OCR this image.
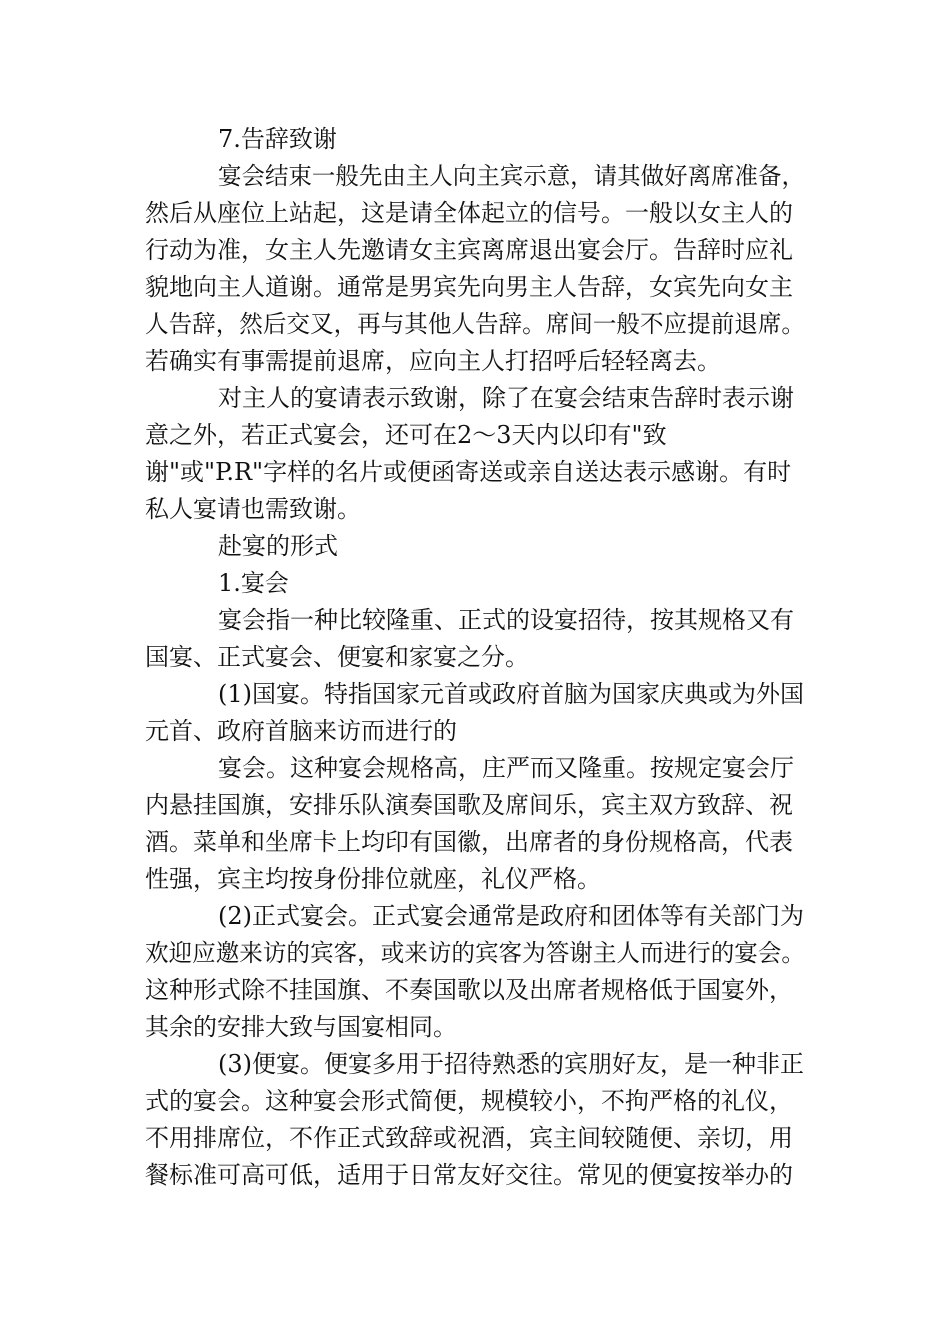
7.告辞致谢
宴会结束一般先由主人向主宾示意，请其做好离席准备，
然后从座位上站起，这是请全体起立的信号。一般以女主人的
行动为准，女主人先邀请女主宾离席退出宴会厅。告辞时应礼
貌地向主人道谢。通常是男宾先向男主人告辞，女宾先向女主
人告辞，然后交叉，再与其他人告辞。席间一般不应提前退席。
若确实有事需提前退席，应向主人打招呼后轻轻离去。
对主人的宴请表示致谢，除了在宴会结束告辞时表示谢
意之外，若正式宴会，还可在2～3天内以印有"致
谢"或"P.R"字样的名片或便函寄送或亲自送达表示感谢。有时
私人宴请也需致谢。
赴宴的形式
1.宴会
宴会指一种比较隆重、正式的设宴招待，按其规格又有
国宴、正式宴会、便宴和家宴之分。
(1)国宴。特指国家元首或政府首脑为国家庆典或为外国
元首、政府首脑来访而进行的
宴会。这种宴会规格高，庄严而又隆重。按规定宴会厅
内悬挂国旗，安排乐队演奏国歌及席间乐，宾主双方致辞、祝
酒。菜单和坐席卡上均印有国徽，出席者的身份规格高，代表
性强，宾主均按身份排位就座，礼仪严格。
(2)正式宴会。正式宴会通常是政府和团体等有关部门为
欢迎应邀来访的宾客，或来访的宾客为答谢主人而进行的宴会。
这种形式除不挂国旗、不奏国歌以及出席者规格低于国宴外，
其余的安排大致与国宴相同。
(3)便宴。便宴多用于招待熟悉的宾朋好友，是一种非正
式的宴会。这种宴会形式简便，规模较小，不拘严格的礼仪，
不用排席位，不作正式致辞或祝酒，宾主间较随便、亲切，用
餐标准可高可低，适用于日常友好交往。常见的便宴按举办的
